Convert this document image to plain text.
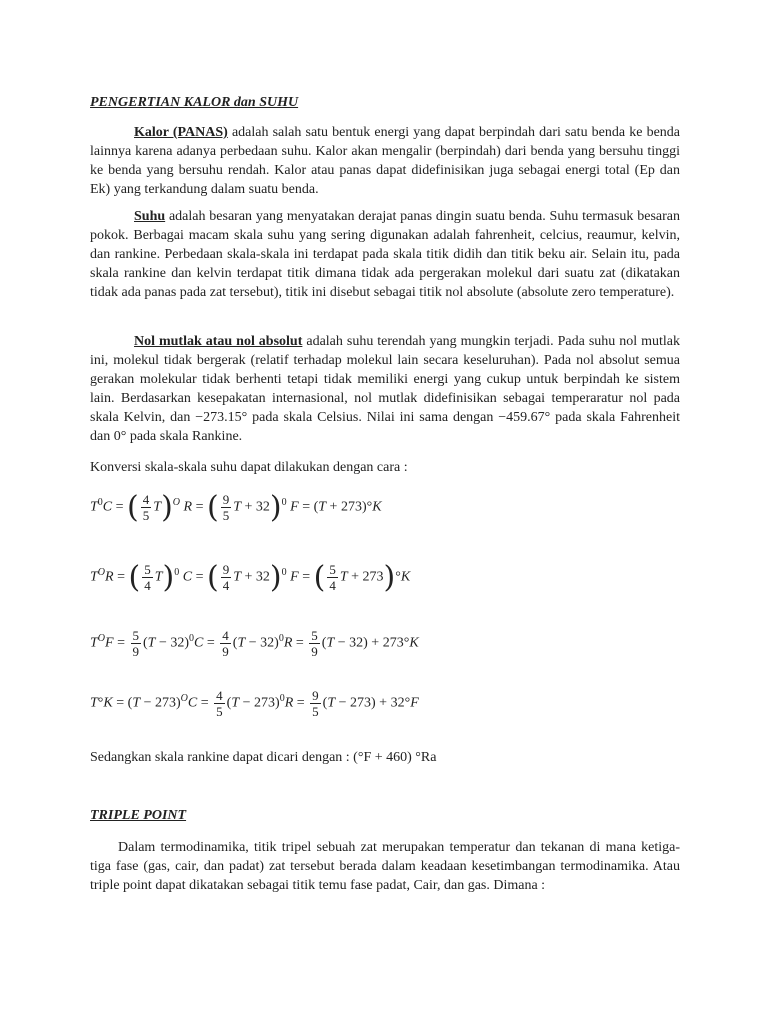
PENGERTIAN KALOR dan SUHU
Kalor (PANAS) adalah salah satu bentuk energi yang dapat berpindah dari satu benda ke benda lainnya karena adanya perbedaan suhu. Kalor akan mengalir (berpindah) dari benda yang bersuhu tinggi ke benda yang bersuhu rendah. Kalor atau panas dapat didefinisikan juga sebagai energi total (Ep dan Ek) yang terkandung dalam suatu benda.
Suhu adalah besaran yang menyatakan derajat panas dingin suatu benda. Suhu termasuk besaran pokok. Berbagai macam skala suhu yang sering digunakan adalah fahrenheit, celcius, reaumur, kelvin, dan rankine. Perbedaan skala-skala ini terdapat pada skala titik didih dan titik beku air. Selain itu, pada skala rankine dan kelvin terdapat titik dimana tidak ada pergerakan molekul dari suatu zat (dikatakan tidak ada panas pada zat tersebut), titik ini disebut sebagai titik nol absolute (absolute zero temperature).
Nol mutlak atau nol absolut adalah suhu terendah yang mungkin terjadi. Pada suhu nol mutlak ini, molekul tidak bergerak (relatif terhadap molekul lain secara keseluruhan). Pada nol absolut semua gerakan molekular tidak berhenti tetapi tidak memiliki energi yang cukup untuk berpindah ke sistem lain. Berdasarkan kesepakatan internasional, nol mutlak didefinisikan sebagai temperaratur nol pada skala Kelvin, dan −273.15° pada skala Celsius. Nilai ini sama dengan −459.67° pada skala Fahrenheit dan 0° pada skala Rankine.
Konversi skala-skala suhu dapat dilakukan dengan cara :
$T^0C$ = ( $\frac{4}{5} T)^O$ R = ( $\frac{9}{5}$ T + 32)$^0$ F = (T + 273)°K
$T^OR$ = ( $\frac{5}{4} T)^0$ C = ( $\frac{9}{4}$ T + 32)$^0$ F = ( $\frac{5}{4}$ T + 273)°K
$T^OF = \frac{5}{9} (T - 32)^0C = \frac{4}{9} (T - 32)^0R = \frac{5}{9} (T - 32) + 273^\circ K$
$T^\circ K = (T - 273)^OC = \frac{4}{5} (T - 273)^0R = \frac{9}{5} (T - 273) + 32^\circ F$
Sedangkan skala rankine dapat dicari dengan : (°F + 460) °Ra
TRIPLE POINT
Dalam termodinamika, titik tripel sebuah zat merupakan temperatur dan tekanan di mana ketiga-tiga fase (gas, cair, dan padat) zat tersebut berada dalam keadaan kesetimbangan termodinamika. Atau triple point dapat dikatakan sebagai titik temu fase padat, Cair, dan gas. Dimana :
